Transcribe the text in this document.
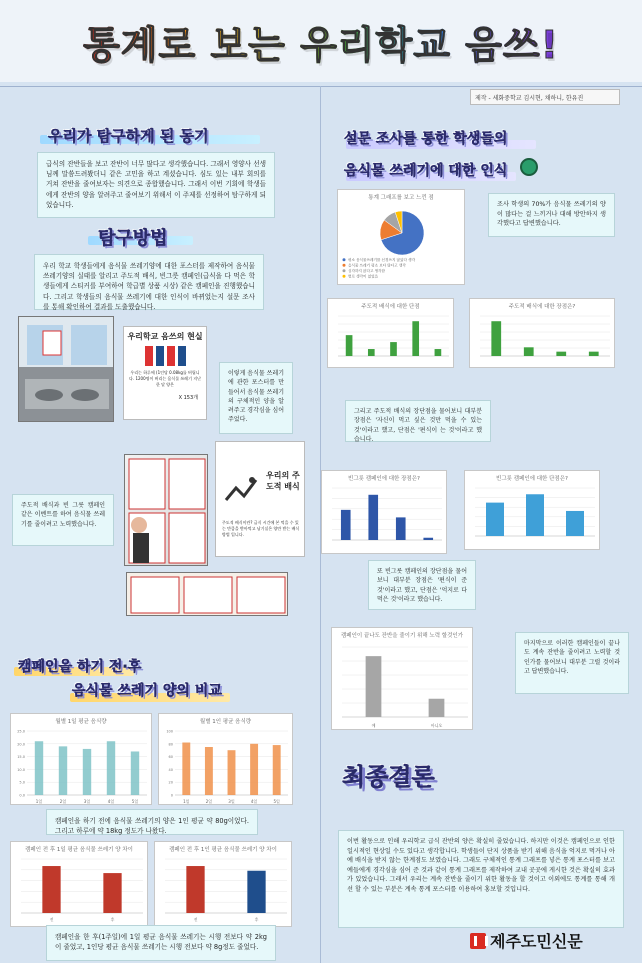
통계로 보는 우리학교 음쓰!
제작 - 세화중학교 김시현, 채하니, 한유진
우리가 탐구하게 된 동기
급식의 잔반들을 보고 잔반이 너무 많다고 생각했습니다. 그래서 영양사 선생님께 말씀드려봤더니 같은 고민을 하고 계셨습니다. 심도 있는 내부 회의를 거쳐 잔반을 줄여보자는 의견으로 종합했습니다. 그래서 이번 기회에 학생들에게 잔반의 양을 알려주고 줄여보기 위해서 이 주제를 선정하여 탐구하게 되었습니다.
탐구방법
우리 학교 학생들에게 음식물 쓰레기양에 대한 포스터를 제작하여 음식물 쓰레기양의 실태를 알리고 주도적 배식, 빈그릇 캠페인(급식을 다 먹은 학생들에게 스티커를 부여하여 학급별 상품 시상) 같은 캠페인을 진행했습니다. 그리고 학생들의 음식물 쓰레기에 대한 인식이 바뀌었는지 설문 조사를 통해 확인하여 결과를 도출했습니다.
우리학교 음쓰의 현실
우리는 하루에 (1인당 0.08kg를 버립니다. 1200명이 버리는 음식물 쓰레기 지난 한 달 양은
X 153개
이렇게 음식물 쓰레기에 관한 포스터를 만들어서 음식물 쓰레기의 구체적인 양을 알려주고 경각심을 심어주었다.
우리의 주도적 배식
주도적 배식이란? 급식 시간에 본 먹을 수 있는 만큼을 받아먹고 남기실은 양만 받는 배식 방법 입니다.
주도적 배식과 빈 그릇 캠페인 같은 이벤트를 하여 음식물 쓰레기를 줄이려고 노력했습니다.
캠페인을 하기 전·후
음식물 쓰레기 양의 비교
월별 1일 평균 음식량
25.0
20.0
15.0
10.0
5.0
0.0
1일	2일	3일	4일	5일
월별 1인 평균 음식량
100
80
60
40
20
0
1일	2일	3일	4일	5일
캠페인을 하기 전에 음식물 쓰레기의 양은 1인 평균 약 80g이었다. 그리고 하루에 약 18kg 정도가 나왔다.
캠페인 전 후 1일 평균 음식물 쓰레기 양 차이
전	후
캠페인 전 후 1인 평균 음식물 쓰레기 양 차이
전	후
캠페인을 한 후(1주일)에 1일 평균 음식물 쓰레기는 시행 전보다 약 2kg이 줄었고, 1인당 평균 음식물 쓰레기는 시행 전보다 약 8g정도 줄었다.
설문 조사를 통한 학생들의
음식물 쓰레기에 대한 인식
통계 그래프를 보고 느낀 점
평소 음식물쓰레기를 신경쓰지 않았다 생각
음식물 쓰레기 평소 보다 많다고 생각
심각하지 않다고 생각함
별로 생각이 없었음
조사 학생의 70%가 음식물 쓰레기의 양이 많다는 걸 느끼거나 대해 방안하지 생각했다고 답변했습니다.
주도적 배식에 대한 단점	주도적 배식에 대한 장점은?
그리고 주도적 배식의 장단점을 물어보니 대부분 장점은 '자신이 먹고 싶은 것만 먹을 수 있는 것'이라고 했고, 단점은 '편식이 는 것'이라고 했습니다.
빈그릇 캠페인에 대한 장점은?	빈그릇 캠페인에 대한 단점은?
또 빈그릇 캠페인의 장단점을 물어보니 대부분 장점은 '편식이 준 것'이라고 했고, 단점은 '억지로 다 먹은 것'이라고 했습니다.
캠페인이 끝나도 잔반을 줄이기 위해 노력 할것인가
예	아니오
마지막으로 이러한 캠페인들이 끝나도 계속 잔반을 줄이려고 노력할 것인가를 물어보니 대부분 그럴 것이라고 답변했습니다.
최종결론
이번 활동으로 인해 우리학교 급식 잔반의 양은 확실히 줄었습니다. 하지만 이것은 캠페인으로 인한 일시적인 현상일 수도 있다고 생각합니다. 학생들이 단지 상품을 받기 위해 음식을 억지로 먹거나 아예 배식을 받지 않는 한계점도 보였습니다. 그래도 구체적인 통계 그래프를 넣은 통계 포스터를 보고 예들에게 경각심을 심어 준 것과 같이 통계 그래프를 제작하여 교내 곳곳에 게시한 것은 확실히 효과가 있었습니다. 그래서 우리는 계속 잔반을 줄이기 위한 활동을 할 것이고 이외에도 통계를 통해 개선 할 수 있는 부분은 계속 통계 포스터를 이용하여 홍보할 것입니다.
제주도민신문
